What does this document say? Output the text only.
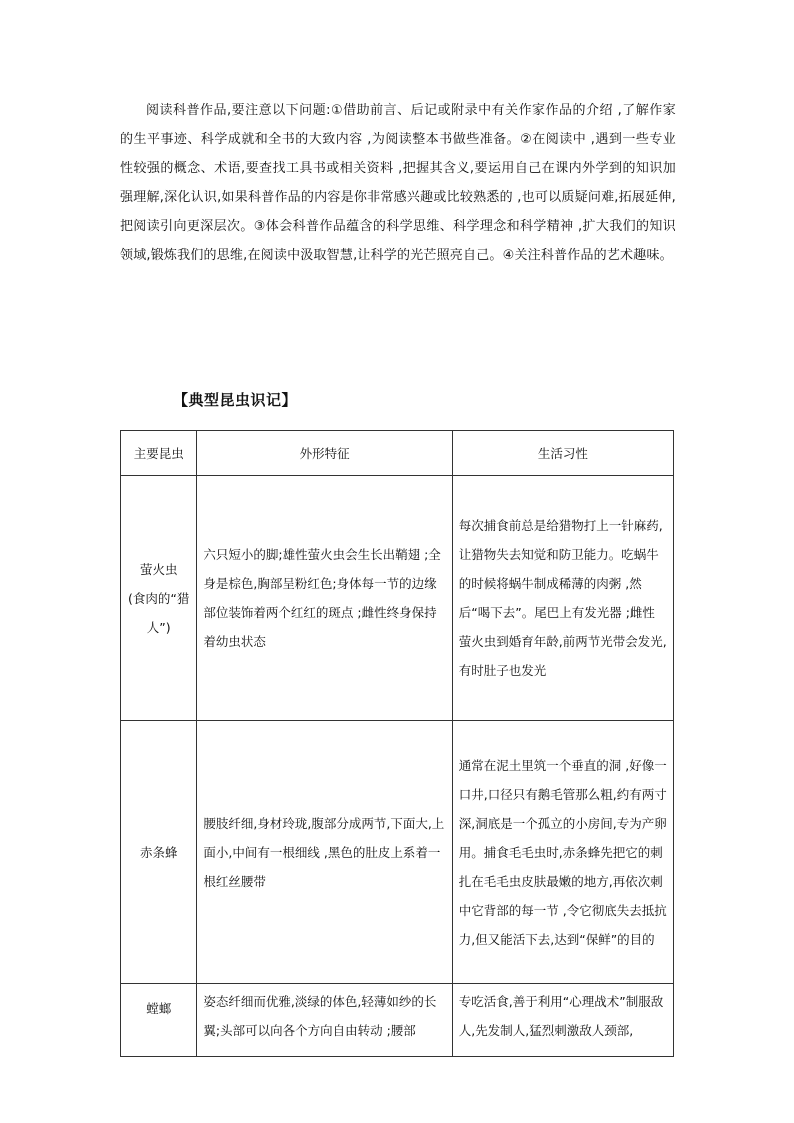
阅读科普作品,要注意以下问题:①借助前言、后记或附录中有关作家作品的介绍 ,了解作家的生平事迹、科学成就和全书的大致内容 ,为阅读整本书做些准备。②在阅读中 ,遇到一些专业性较强的概念、术语,要查找工具书或相关资料 ,把握其含义,要运用自己在课内外学到的知识加强理解,深化认识,如果科普作品的内容是你非常感兴趣或比较熟悉的 ,也可以质疑问难,拓展延伸,把阅读引向更深层次。③体会科普作品蕴含的科学思维、科学理念和科学精神 ,扩大我们的知识领域,锻炼我们的思维,在阅读中汲取智慧,让科学的光芒照亮自己。④关注科普作品的艺术趣味。
【典型昆虫识记】
主要昆虫	外形特征	生活习性

萤火虫
(食肉的“猎人”)	六只短小的脚;雄性萤火虫会生长出鞘翅 ;全身是棕色,胸部呈粉红色;身体每一节的边缘部位装饰着两个红红的斑点 ;雌性终身保持着幼虫状态	每次捕食前总是给猎物打上一针麻药,让猎物失去知觉和防卫能力。吃蜗牛的时候将蜗牛制成稀薄的肉粥 ,然后“喝下去”。尾巴上有发光器 ;雌性萤火虫到婚育年龄,前两节光带会发光,有时肚子也发光

赤条蜂	腰肢纤细,身材玲珑,腹部分成两节,下面大,上面小,中间有一根细线 ,黑色的肚皮上系着一根红丝腰带	通常在泥土里筑一个垂直的洞 ,好像一口井,口径只有鹅毛管那么粗,约有两寸深,洞底是一个孤立的小房间,专为产卵用。捕食毛毛虫时,赤条蜂先把它的刺扎在毛毛虫皮肤最嫩的地方,再依次刺中它背部的每一节 ,令它彻底失去抵抗力,但又能活下去,达到“保鲜”的目的

螳螂	姿态纤细而优雅,淡绿的体色,轻薄如纱的长翼;头部可以向各个方向自由转动 ;腰部	专吃活食,善于利用“心理战术”制服敌人,先发制人,猛烈刺激敌人颈部,
